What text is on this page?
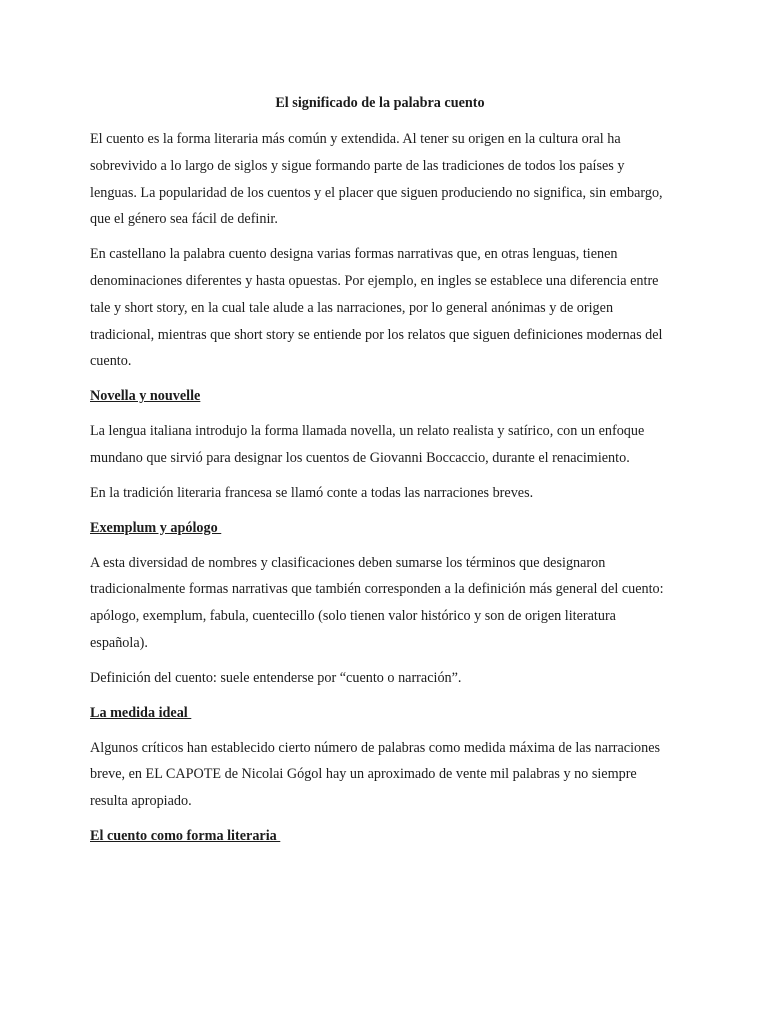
El significado de la palabra cuento

El cuento es la forma literaria más común y extendida. Al tener su origen en la cultura oral ha sobrevivido a lo largo de siglos y sigue formando parte de las tradiciones de todos los países y lenguas. La popularidad de los cuentos y el placer que siguen produciendo no significa, sin embargo, que el género sea fácil de definir.

En castellano la palabra cuento designa varias formas narrativas que, en otras lenguas, tienen denominaciones diferentes y hasta opuestas. Por ejemplo, en ingles se establece una diferencia entre tale y short story, en la cual tale alude a las narraciones, por lo general anónimas y de origen tradicional, mientras que short story se entiende por los relatos que siguen definiciones modernas del cuento.

Novella y nouvelle

La lengua italiana introdujo la forma llamada novella, un relato realista y satírico, con un enfoque mundano que sirvió para designar los cuentos de Giovanni Boccaccio, durante el renacimiento.

En la tradición literaria francesa se llamó conte a todas las narraciones breves.

Exemplum y apólogo

A esta diversidad de nombres y clasificaciones deben sumarse los términos que designaron tradicionalmente formas narrativas que también corresponden a la definición más general del cuento: apólogo, exemplum, fabula, cuentecillo (solo tienen valor histórico y son de origen literatura española).

Definición del cuento: suele entenderse por “cuento o narración”.

La medida ideal

Algunos críticos han establecido cierto número de palabras como medida máxima de las narraciones breve, en EL CAPOTE de Nicolai Gógol hay un aproximado de vente mil palabras y no siempre resulta apropiado.

El cuento como forma literaria
